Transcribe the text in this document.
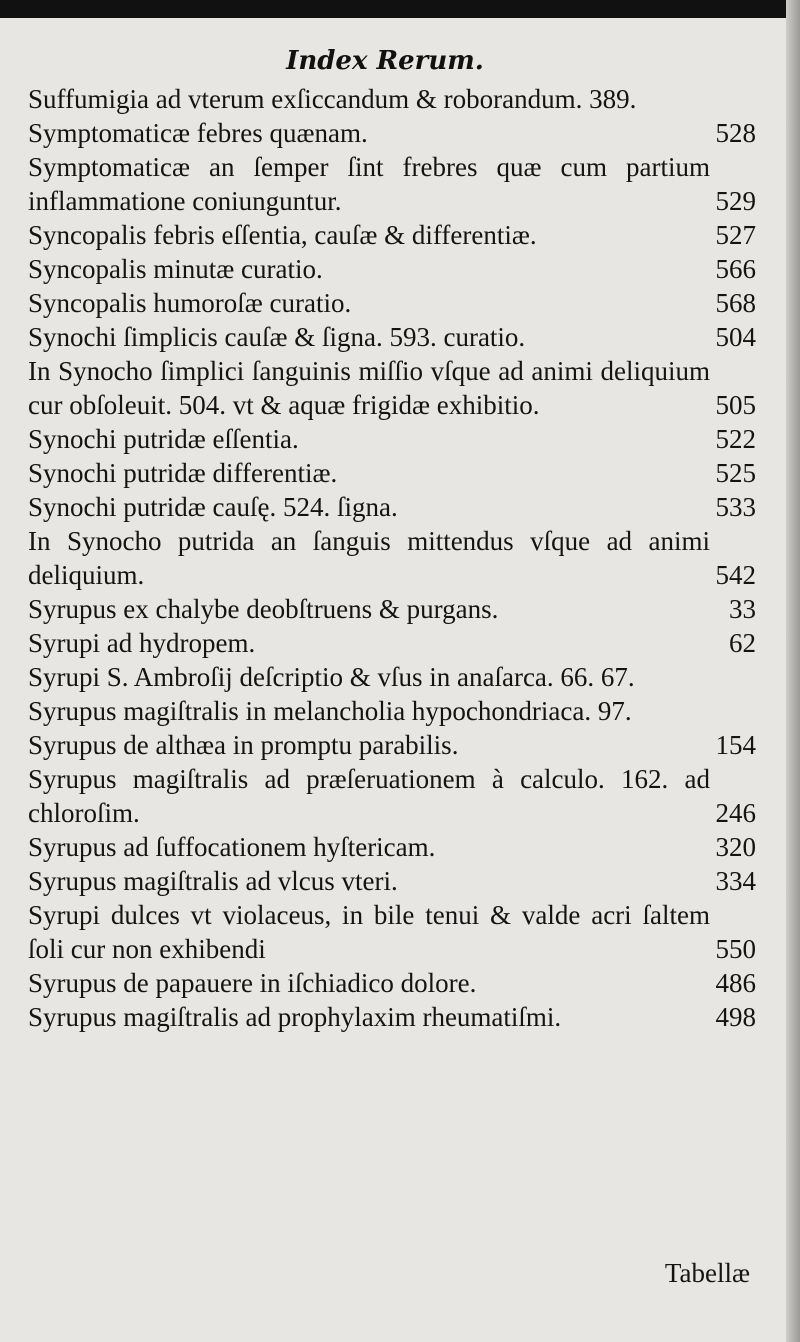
Index Rerum.
Suffumigia ad vterum exſiccandum & roborandum. 389.
Symptomaticæ febres quænam.	528
Symptomaticæ an ſemper ſint frebres quæ cum partium inflammatione coniunguntur.	529
Syncopalis febris eſſentia, cauſæ & differentiæ.	527
Syncopalis minutæ curatio.	566
Syncopalis humoroſæ curatio.	568
Synochi ſimplicis cauſæ & ſigna. 593. curatio.	504
In Synocho ſimplici ſanguinis miſſio vſque ad animi deliquium cur obſoleuit. 504. vt & aquæ frigidæ exhibitio.	505
Synochi putridæ eſſentia.	522
Synochi putridæ differentiæ.	525
Synochi putridæ cauſę. 524. ſigna.	533
In Synocho putrida an ſanguis mittendus vſque ad animi deliquium.	542
Syrupus ex chalybe deobſtruens & purgans.	33
Syrupi ad hydropem.	62
Syrupi S. Ambroſij deſcriptio & vſus in anaſarca. 66. 67.
Syrupus magiſtralis in melancholia hypochondriaca. 97.
Syrupus de althæa in promptu parabilis.	154
Syrupus magiſtralis ad præſeruationem à calculo. 162. ad chloroſim.	246
Syrupus ad ſuffocationem hyſtericam.	320
Syrupus magiſtralis ad vlcus vteri.	334
Syrupi dulces vt violaceus, in bile tenui & valde acri ſaltem ſoli cur non exhibendi	550
Syrupus de papauere in iſchiadico dolore.	486
Syrupus magiſtralis ad prophylaxim rheumatiſmi.	498
Tabellæ
